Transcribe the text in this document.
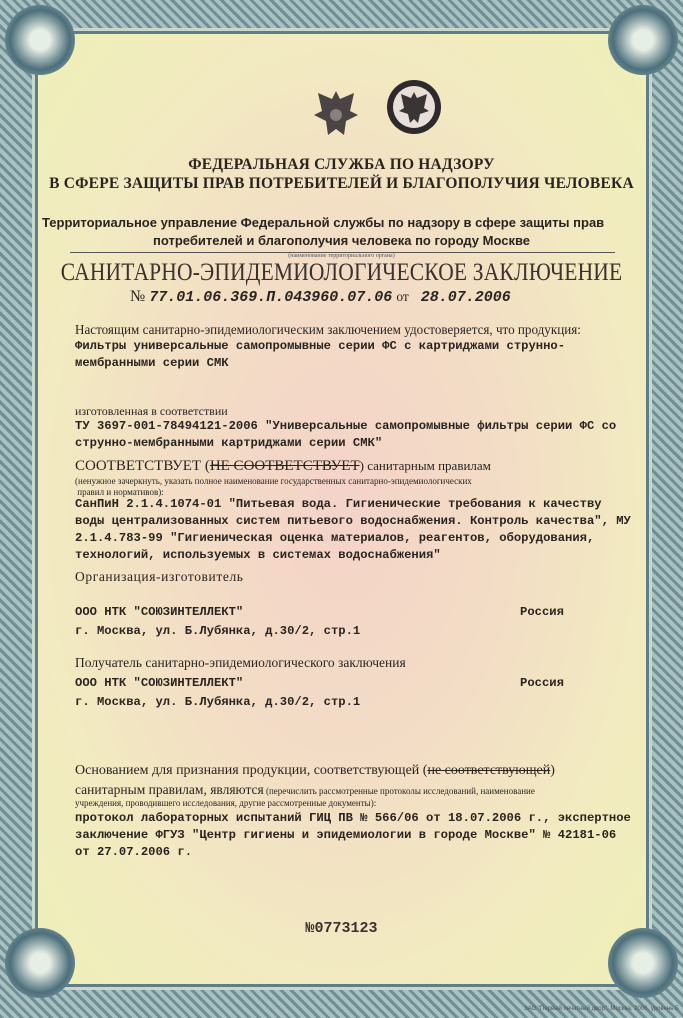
ФЕДЕРАЛЬНАЯ СЛУЖБА ПО НАДЗОРУ
В СФЕРЕ ЗАЩИТЫ ПРАВ ПОТРЕБИТЕЛЕЙ И БЛАГОПОЛУЧИЯ ЧЕЛОВЕКА
Территориальное управление Федеральной службы по надзору в сфере защиты прав
потребителей и благополучия человека по городу Москве
(наименование территориального органа)
САНИТАРНО-ЭПИДЕМИОЛОГИЧЕСКОЕ ЗАКЛЮЧЕНИЕ
№ 77.01.06.369.П.043960.07.06 от 28.07.2006
Настоящим санитарно-эпидемиологическим заключением удостоверяется, что продукция:
Фильтры универсальные самопромывные серии ФС с картриджами струнно-
мембранными серии СМК
изготовленная в соответствии
ТУ 3697-001-78494121-2006 "Универсальные самопромывные фильтры серии ФС со
струнно-мембранными картриджами серии СМК"
СООТВЕТСТВУЕТ (НЕ СООТВЕТСТВУЕТ) санитарным правилам
(ненужное зачеркнуть, указать полное наименование государственных санитарно-эпидемиологических
правил и нормативов):
СанПиН 2.1.4.1074-01 "Питьевая вода. Гигиенические требования к качеству
воды централизованных систем питьевого водоснабжения. Контроль качества", МУ
2.1.4.783-99 "Гигиеническая оценка материалов, реагентов, оборудования,
технологий, используемых в системах водоснабжения"
Организация-изготовитель
ООО НТК "СОЮЗИНТЕЛЛЕКТ"	Россия
г. Москва, ул. Б.Лубянка, д.30/2, стр.1
Получатель санитарно-эпидемиологического заключения
ООО НТК "СОЮЗИНТЕЛЛЕКТ"	Россия
г. Москва, ул. Б.Лубянка, д.30/2, стр.1
Основанием для признания продукции, соответствующей (не соответствующей)
санитарным правилам, являются (перечислить рассмотренные протоколы исследований, наименование
учреждения, проводившего исследования, другие рассмотренные документы):
протокол лабораторных испытаний ГИЦ ПВ № 566/06 от 18.07.2006 г., экспертное
заключение ФГУЗ "Центр гигиены и эпидемиологии в городе Москве" № 42181-06
от 27.07.2006 г.
№0773123
ЗАО "Первый печатный двор", Москва, 2006, уровень Б
